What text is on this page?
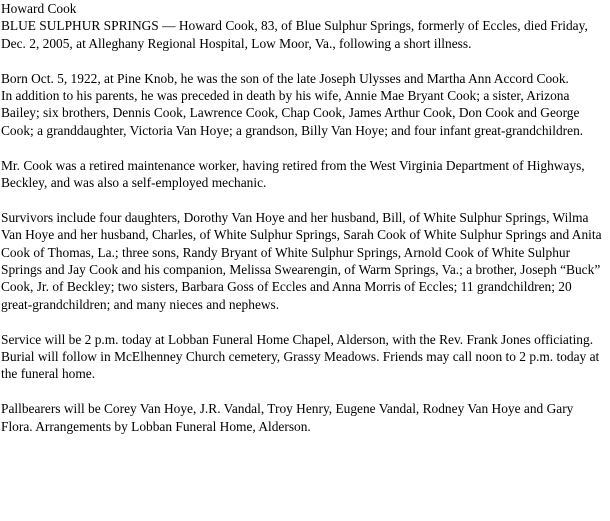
Howard Cook

BLUE SULPHUR SPRINGS — Howard Cook, 83, of Blue Sulphur Springs, formerly of Eccles, died Friday, Dec. 2, 2005, at Alleghany Regional Hospital, Low Moor, Va., following a short illness.

Born Oct. 5, 1922, at Pine Knob, he was the son of the late Joseph Ulysses and Martha Ann Accord Cook.

In addition to his parents, he was preceded in death by his wife, Annie Mae Bryant Cook; a sister, Arizona Bailey; six brothers, Dennis Cook, Lawrence Cook, Chap Cook, James Arthur Cook, Don Cook and George Cook; a granddaughter, Victoria Van Hoye; a grandson, Billy Van Hoye; and four infant great-grandchildren.

Mr. Cook was a retired maintenance worker, having retired from the West Virginia Department of Highways, Beckley, and was also a self-employed mechanic.

Survivors include four daughters, Dorothy Van Hoye and her husband, Bill, of White Sulphur Springs, Wilma Van Hoye and her husband, Charles, of White Sulphur Springs, Sarah Cook of White Sulphur Springs and Anita Cook of Thomas, La.; three sons, Randy Bryant of White Sulphur Springs, Arnold Cook of White Sulphur Springs and Jay Cook and his companion, Melissa Swearengin, of Warm Springs, Va.; a brother, Joseph “Buck” Cook, Jr. of Beckley; two sisters, Barbara Goss of Eccles and Anna Morris of Eccles; 11 grandchildren; 20 great-grandchildren; and many nieces and nephews.

Service will be 2 p.m. today at Lobban Funeral Home Chapel, Alderson, with the Rev. Frank Jones officiating. Burial will follow in McElhenney Church cemetery, Grassy Meadows. Friends may call noon to 2 p.m. today at the funeral home.

Pallbearers will be Corey Van Hoye, J.R. Vandal, Troy Henry, Eugene Vandal, Rodney Van Hoye and Gary Flora. Arrangements by Lobban Funeral Home, Alderson.
